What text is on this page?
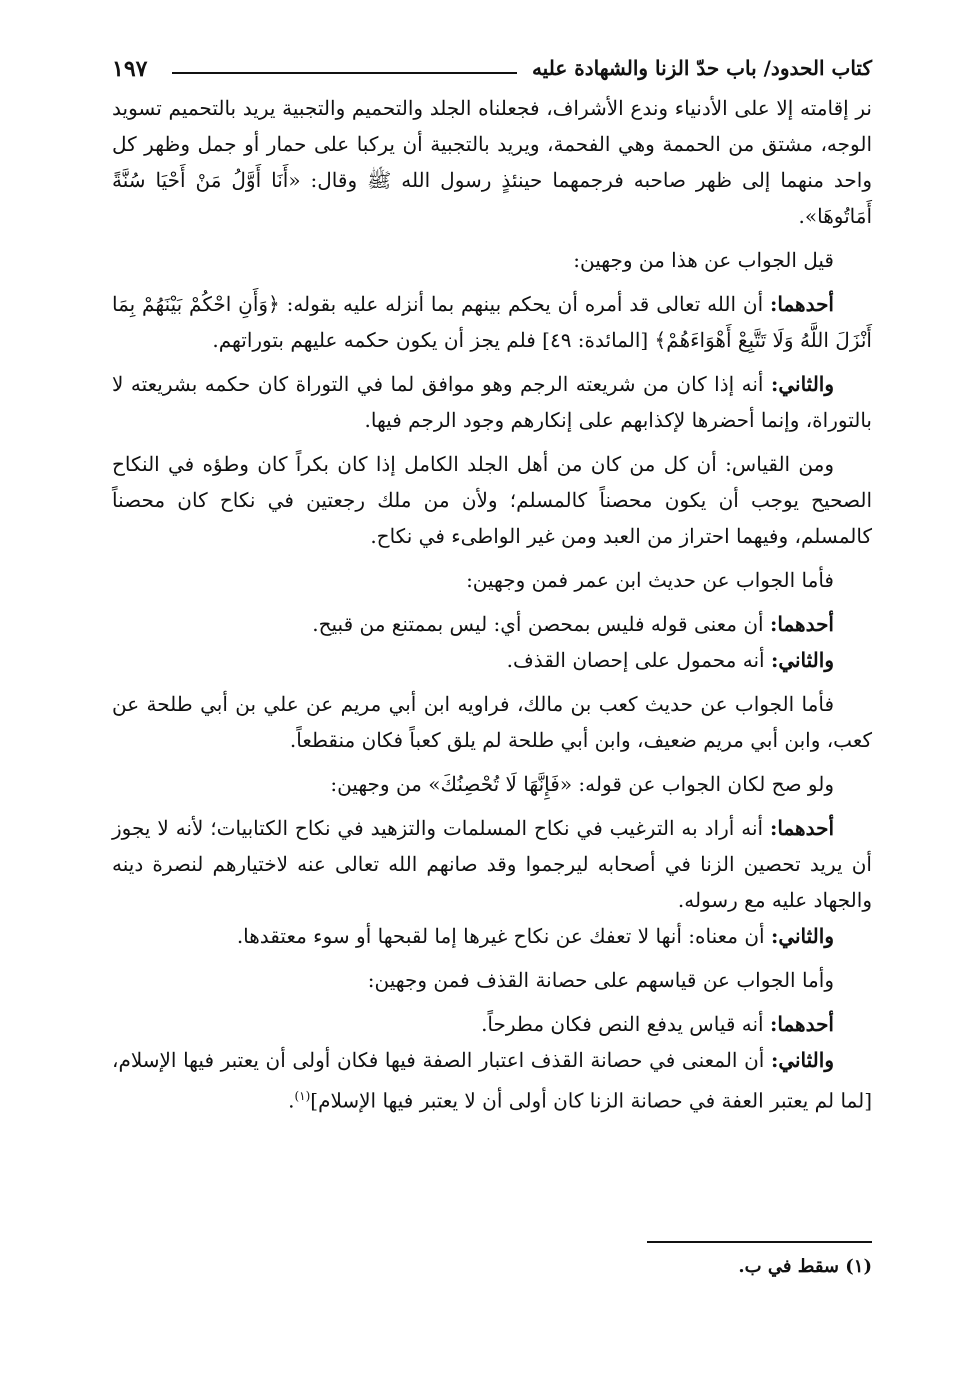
كتاب الحدود/ باب حدّ الزنا والشهادة عليه
١٩٧

نر إقامته إلا على الأدنياء وندع الأشراف، فجعلناه الجلد والتحميم والتجبية يريد بالتحميم تسويد الوجه، مشتق من الحممة وهي الفحمة، ويريد بالتجبية أن يركبا على حمار أو جمل وظهر كل واحد منهما إلى ظهر صاحبه فرجمهما حينئذٍ رسول الله ﷺ وقال: «أَنَا أَوَّلُ مَنْ أَحْيَا سُنَّةً أَمَاتُوهَا».

قيل الجواب عن هذا من وجهين:

أحدهما: أن الله تعالى قد أمره أن يحكم بينهم بما أنزله عليه بقوله: ﴿وَأَنِ احْكُمْ بَيْنَهُمْ بِمَا أَنْزَلَ اللَّهُ وَلَا تَتَّبِعْ أَهْوَاءَهُمْ﴾ [المائدة: ٤٩] فلم يجز أن يكون حكمه عليهم بتوراتهم.

والثاني: أنه إذا كان من شريعته الرجم وهو موافق لما في التوراة كان حكمه بشريعته لا بالتوراة، وإنما أحضرها لإكذابهم على إنكارهم وجود الرجم فيها.

ومن القياس: أن كل من كان من أهل الجلد الكامل إذا كان بكراً كان وطؤه في النكاح الصحيح يوجب أن يكون محصناً كالمسلم؛ ولأن من ملك رجعتين في نكاح كان محصناً كالمسلم، وفيهما احتراز من العبد ومن غير الواطىء في نكاح.

فأما الجواب عن حديث ابن عمر فمن وجهين:

أحدهما: أن معنى قوله فليس بمحصن أي: ليس بممتنع من قبيح.

والثاني: أنه محمول على إحصان القذف.

فأما الجواب عن حديث كعب بن مالك، فراويه ابن أبي مريم عن علي بن أبي طلحة عن كعب، وابن أبي مريم ضعيف، وابن أبي طلحة لم يلق كعباً فكان منقطعاً.

ولو صح لكان الجواب عن قوله: «فَإِنَّهَا لَا تُحْصِنُكَ» من وجهين:

أحدهما: أنه أراد به الترغيب في نكاح المسلمات والتزهيد في نكاح الكتابيات؛ لأنه لا يجوز أن يريد تحصين الزنا في أصحابه ليرجموا وقد صانهم الله تعالى عنه لاختيارهم لنصرة دينه والجهاد عليه مع رسوله.

والثاني: أن معناه: أنها لا تعفك عن نكاح غيرها إما لقبحها أو سوء معتقدها.

وأما الجواب عن قياسهم على حصانة القذف فمن وجهين:

أحدهما: أنه قياس يدفع النص فكان مطرحاً.

والثاني: أن المعنى في حصانة القذف اعتبار الصفة فيها فكان أولى أن يعتبر فيها الإسلام، [لما لم يعتبر العفة في حصانة الزنا كان أولى أن لا يعتبر فيها الإسلام]$^{(١)}$.

(١) سقط في ب.
